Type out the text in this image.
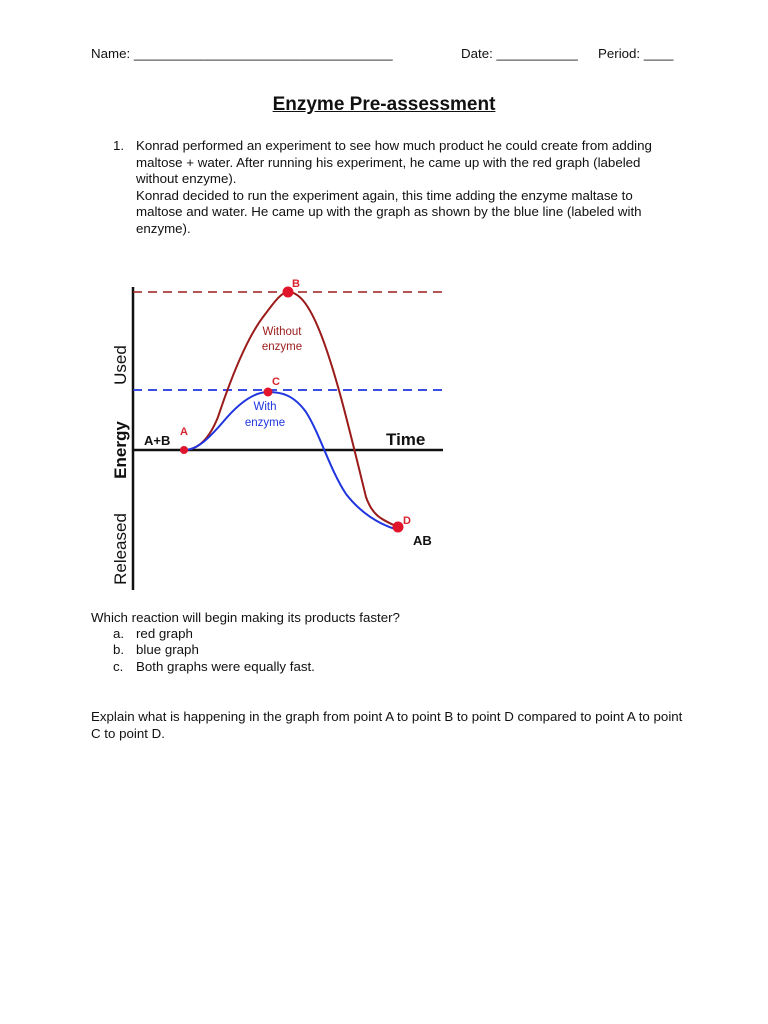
Name: ___________________________________	Date: ___________ Period: ____
Enzyme Pre-assessment
1. Konrad performed an experiment to see how much product he could create from adding maltose + water. After running his experiment, he came up with the red graph (labeled without enzyme).

Konrad decided to run the experiment again, this time adding the enzyme maltase to maltose and water. He came up with the graph as shown by the blue line (labeled with enzyme).

Used
Energy
Released
Time
A+B
AB
Without
enzyme
With
enzyme
A
B
C
D
Which reaction will begin making its products faster?
a. red graph
b. blue graph
c. Both graphs were equally fast.
Explain what is happening in the graph from point A to point B to point D compared to point A to point C to point D.
